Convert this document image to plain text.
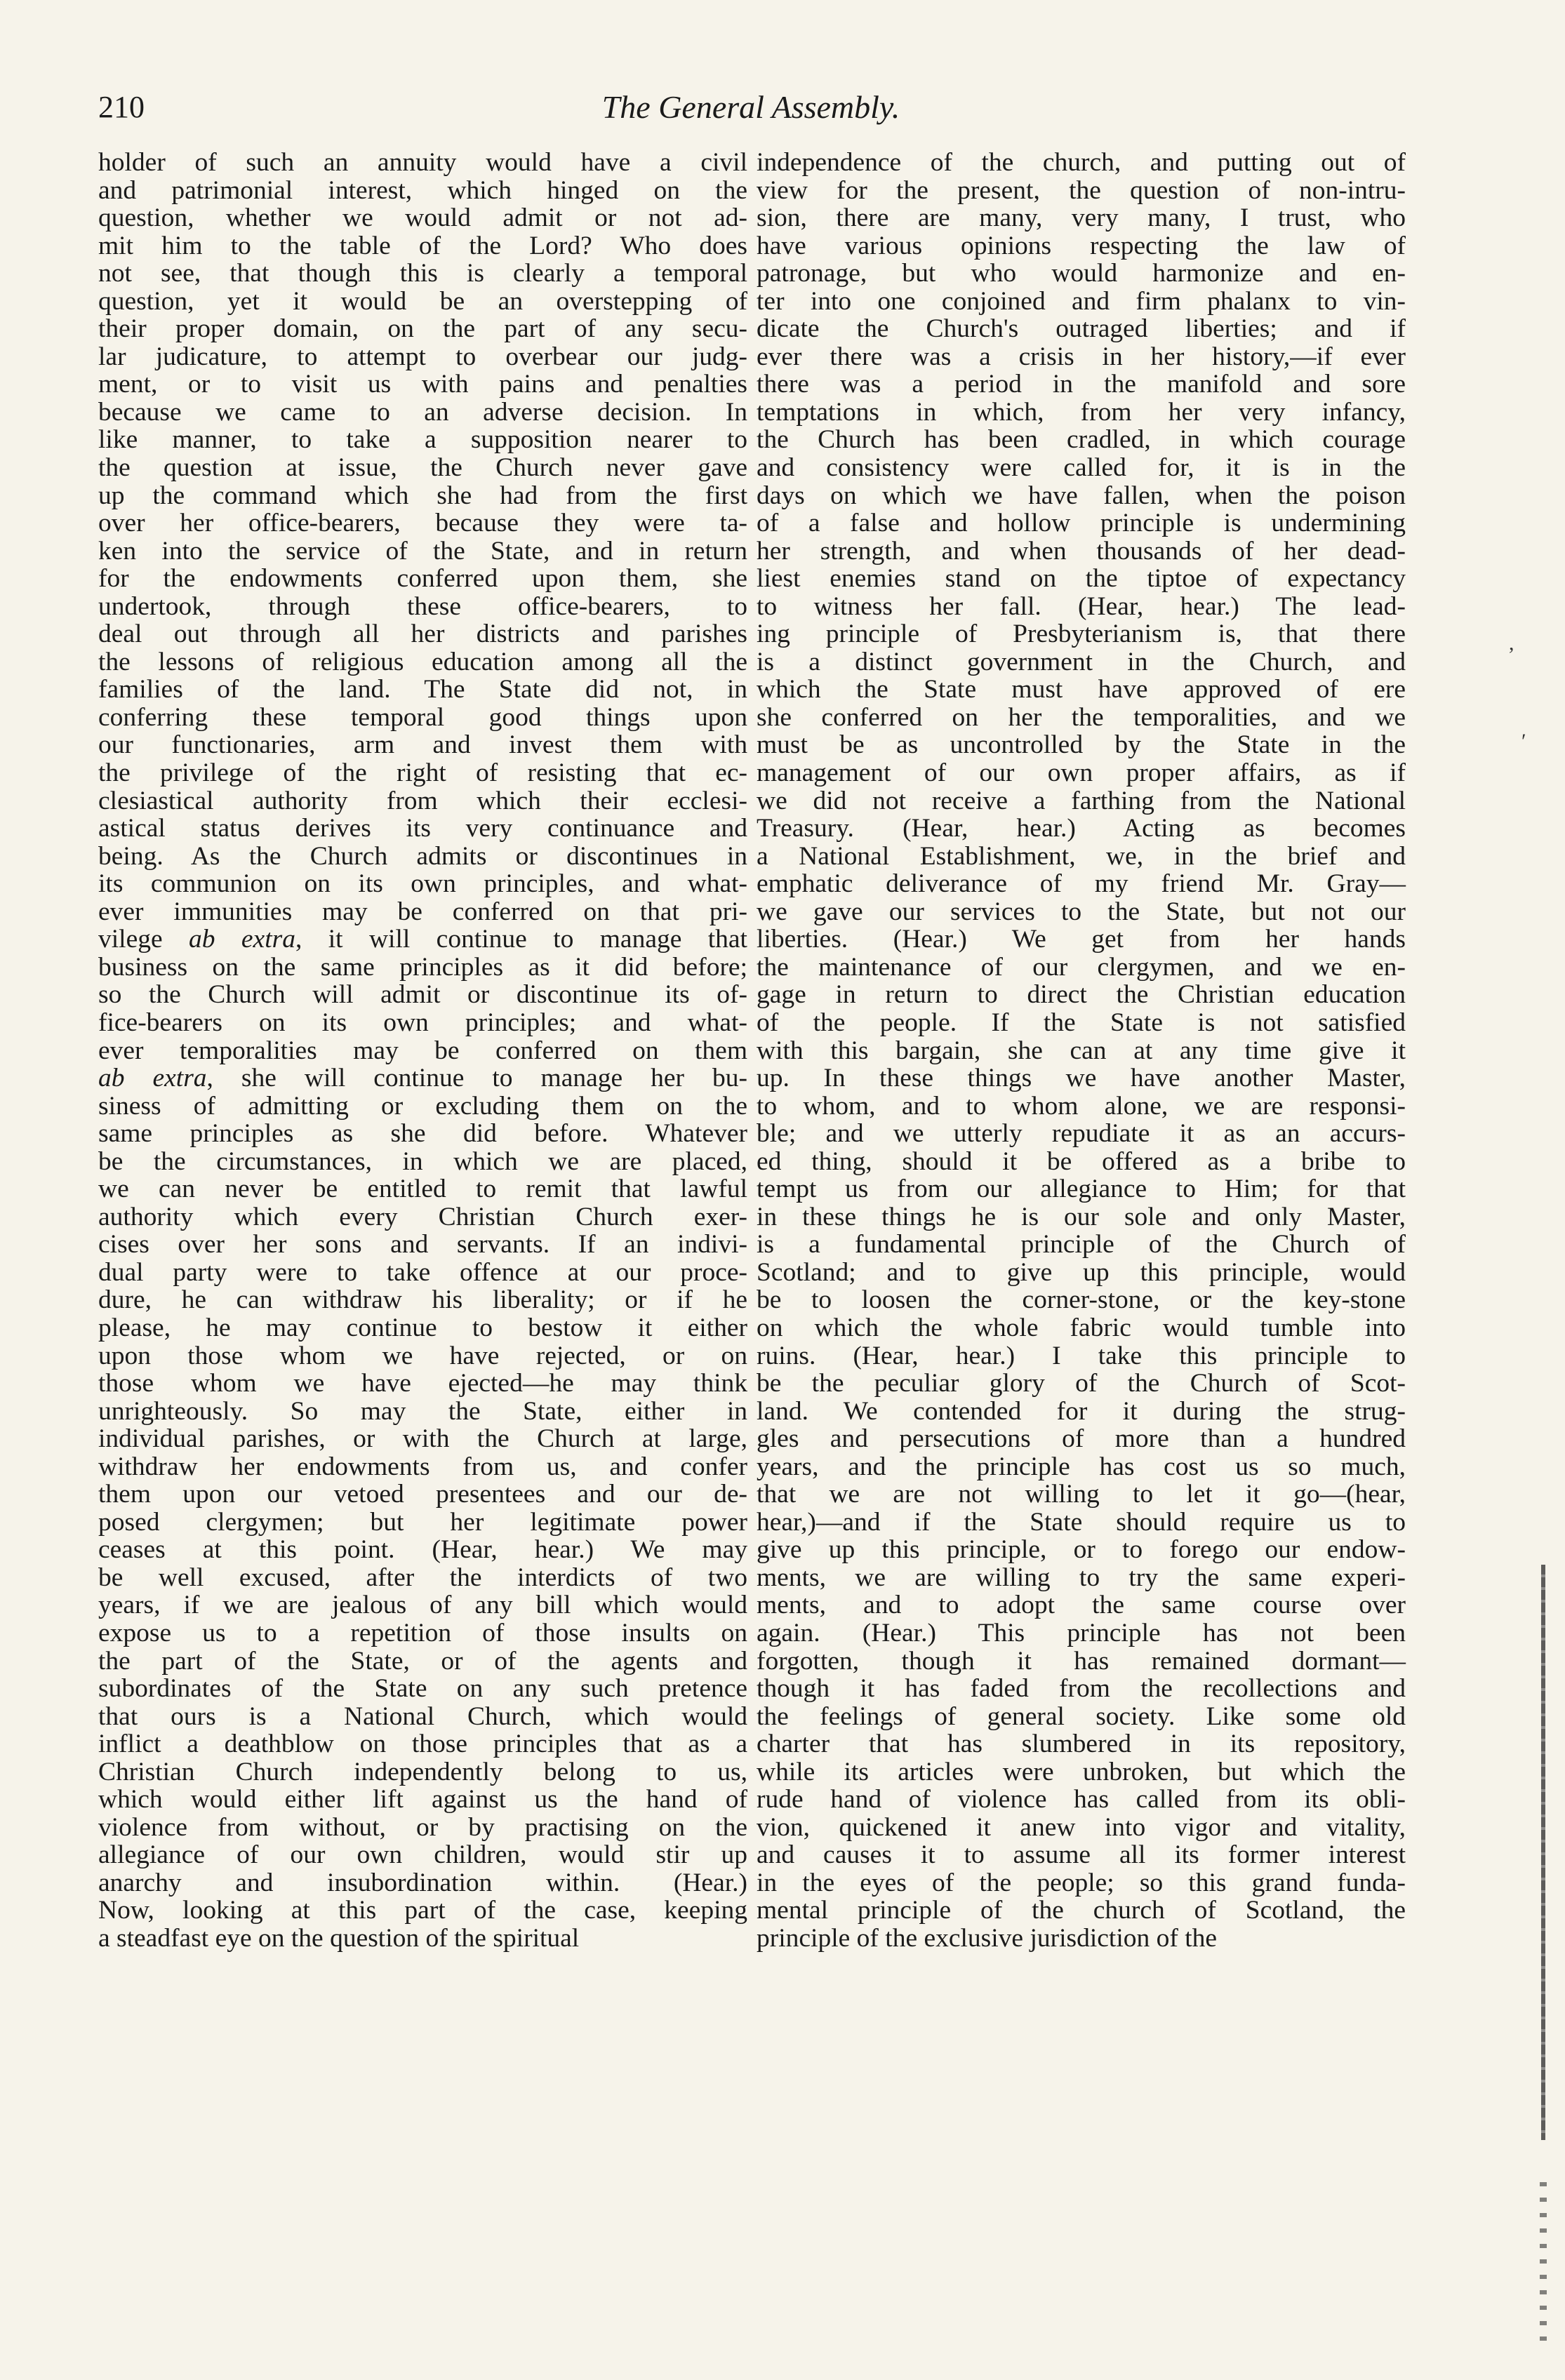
210	The General Assembly.
holder of such an annuity would have a civil
and patrimonial interest, which hinged on the
question, whether we would admit or not ad-
mit him to the table of the Lord? Who does
not see, that though this is clearly a temporal
question, yet it would be an overstepping of
their proper domain, on the part of any secu-
lar judicature, to attempt to overbear our judg-
ment, or to visit us with pains and penalties
because we came to an adverse decision. In
like manner, to take a supposition nearer to
the question at issue, the Church never gave
up the command which she had from the first
over her office-bearers, because they were ta-
ken into the service of the State, and in return
for the endowments conferred upon them, she
undertook, through these office-bearers, to
deal out through all her districts and parishes
the lessons of religious education among all the
families of the land. The State did not, in
conferring these temporal good things upon
our functionaries, arm and invest them with
the privilege of the right of resisting that ec-
clesiastical authority from which their ecclesi-
astical status derives its very continuance and
being. As the Church admits or discontinues in
its communion on its own principles, and what-
ever immunities may be conferred on that pri-
vilege ab extra, it will continue to manage that
business on the same principles as it did before;
so the Church will admit or discontinue its of-
fice-bearers on its own principles; and what-
ever temporalities may be conferred on them
ab extra, she will continue to manage her bu-
siness of admitting or excluding them on the
same principles as she did before. Whatever
be the circumstances, in which we are placed,
we can never be entitled to remit that lawful
authority which every Christian Church exer-
cises over her sons and servants. If an indivi-
dual party were to take offence at our proce-
dure, he can withdraw his liberality; or if he
please, he may continue to bestow it either
upon those whom we have rejected, or on
those whom we have ejected—he may think
unrighteously. So may the State, either in
individual parishes, or with the Church at large,
withdraw her endowments from us, and confer
them upon our vetoed presentees and our de-
posed clergymen; but her legitimate power
ceases at this point. (Hear, hear.) We may
be well excused, after the interdicts of two
years, if we are jealous of any bill which would
expose us to a repetition of those insults on
the part of the State, or of the agents and
subordinates of the State on any such pretence
that ours is a National Church, which would
inflict a deathblow on those principles that as a
Christian Church independently belong to us,
which would either lift against us the hand of
violence from without, or by practising on the
allegiance of our own children, would stir up
anarchy and insubordination within. (Hear.)
Now, looking at this part of the case, keeping
a steadfast eye on the question of the spiritual
independence of the church, and putting out of
view for the present, the question of non-intru-
sion, there are many, very many, I trust, who
have various opinions respecting the law of
patronage, but who would harmonize and en-
ter into one conjoined and firm phalanx to vin-
dicate the Church's outraged liberties; and if
ever there was a crisis in her history,—if ever
there was a period in the manifold and sore
temptations in which, from her very infancy,
the Church has been cradled, in which courage
and consistency were called for, it is in the
days on which we have fallen, when the poison
of a false and hollow principle is undermining
her strength, and when thousands of her dead-
liest enemies stand on the tiptoe of expectancy
to witness her fall. (Hear, hear.) The lead-
ing principle of Presbyterianism is, that there
is a distinct government in the Church, and
which the State must have approved of ere
she conferred on her the temporalities, and we
must be as uncontrolled by the State in the
management of our own proper affairs, as if
we did not receive a farthing from the National
Treasury. (Hear, hear.) Acting as becomes
a National Establishment, we, in the brief and
emphatic deliverance of my friend Mr. Gray—
we gave our services to the State, but not our
liberties. (Hear.) We get from her hands
the maintenance of our clergymen, and we en-
gage in return to direct the Christian education
of the people. If the State is not satisfied
with this bargain, she can at any time give it
up. In these things we have another Master,
to whom, and to whom alone, we are responsi-
ble; and we utterly repudiate it as an accurs-
ed thing, should it be offered as a bribe to
tempt us from our allegiance to Him; for that
in these things he is our sole and only Master,
is a fundamental principle of the Church of
Scotland; and to give up this principle, would
be to loosen the corner-stone, or the key-stone
on which the whole fabric would tumble into
ruins. (Hear, hear.) I take this principle to
be the peculiar glory of the Church of Scot-
land. We contended for it during the strug-
gles and persecutions of more than a hundred
years, and the principle has cost us so much,
that we are not willing to let it go—(hear,
hear,)—and if the State should require us to
give up this principle, or to forego our endow-
ments, we are willing to try the same experi-
ments, and to adopt the same course over
again. (Hear.) This principle has not been
forgotten, though it has remained dormant—
though it has faded from the recollections and
the feelings of general society. Like some old
charter that has slumbered in its repository,
while its articles were unbroken, but which the
rude hand of violence has called from its obli-
vion, quickened it anew into vigor and vitality,
and causes it to assume all its former interest
in the eyes of the people; so this grand funda-
mental principle of the church of Scotland, the
principle of the exclusive jurisdiction of the
′
,
